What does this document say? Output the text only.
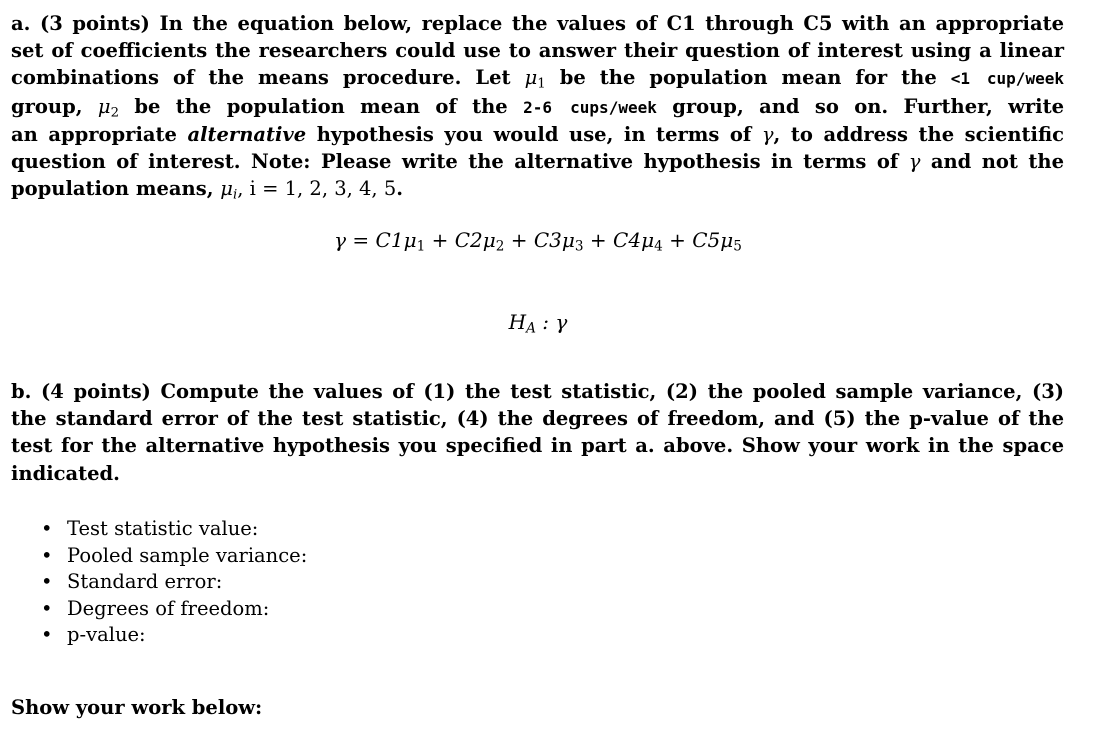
a. (3 points) In the equation below, replace the values of C1 through C5 with an appropriate
set of coefficients the researchers could use to answer their question of interest using a linear
combinations of the means procedure. Let $\mu_1$ be the population mean for the <1 cup/week
group, $\mu_2$ be the population mean of the 2-6 cups/week group, and so on. Further, write
an appropriate alternative hypothesis you would use, in terms of γ, to address the scientific
question of interest. Note: Please write the alternative hypothesis in terms of γ and not the
population means, $\mu_i$, i = 1, 2, 3, 4, 5.
$\gamma = C1\mu_1 + C2\mu_2 + C3\mu_3 + C4\mu_4 + C5\mu_5$
$H_A$ : γ
b. (4 points) Compute the values of (1) the test statistic, (2) the pooled sample variance, (3)
the standard error of the test statistic, (4) the degrees of freedom, and (5) the p-value of the
test for the alternative hypothesis you specified in part a. above. Show your work in the space
indicated.
• Test statistic value:
• Pooled sample variance:
• Standard error:
• Degrees of freedom:
• p-value:
Show your work below:
